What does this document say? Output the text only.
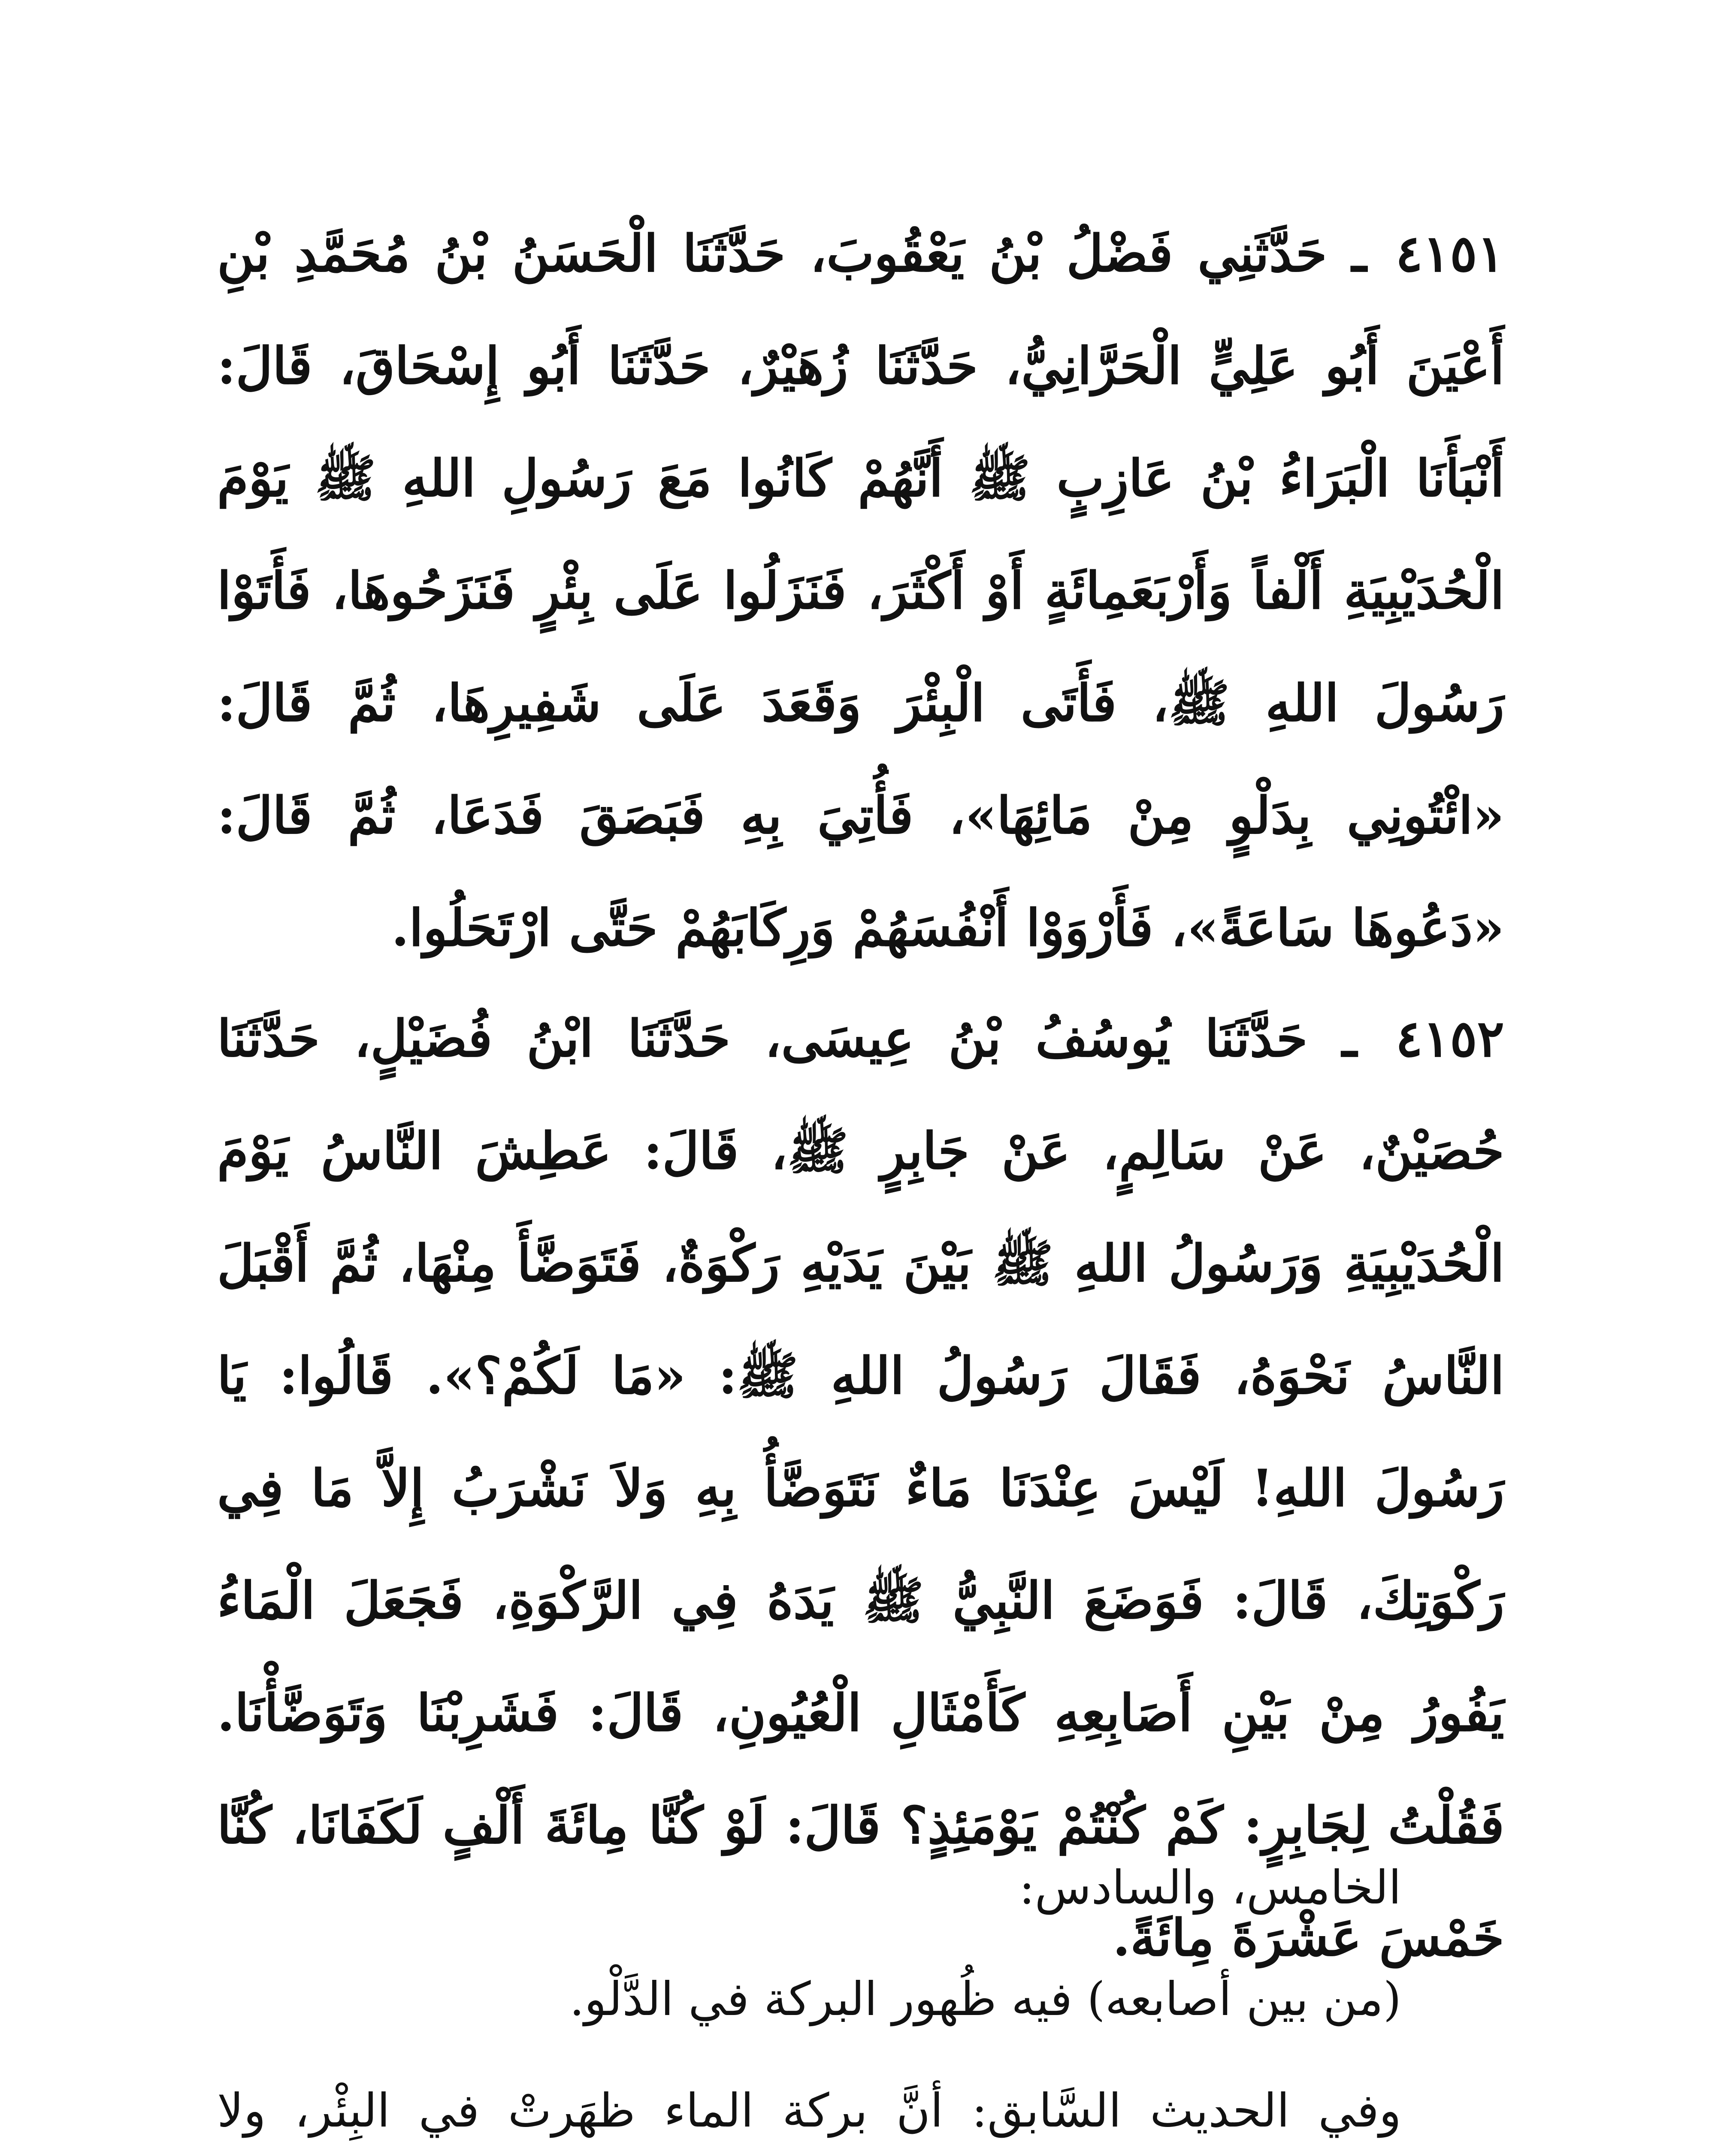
٤١٥١ ـ حَدَّثَنِي فَضْلُ بْنُ يَعْقُوبَ، حَدَّثَنَا الْحَسَنُ بْنُ مُحَمَّدِ بْنِ أَعْيَنَ أَبُو عَلِيٍّ الْحَرَّانِيُّ، حَدَّثَنَا زُهَيْرٌ، حَدَّثَنَا أَبُو إِسْحَاقَ، قَالَ: أَنْبَأَنَا الْبَرَاءُ بْنُ عَازِبٍ ﷺ أَنَّهُمْ كَانُوا مَعَ رَسُولِ اللهِ ﷺ يَوْمَ الْحُدَيْبِيَةِ أَلْفاً وَأَرْبَعَمِائَةٍ أَوْ أَكْثَرَ، فَنَزَلُوا عَلَى بِئْرٍ فَنَزَحُوهَا، فَأَتَوْا رَسُولَ اللهِ ﷺ، فَأَتَى الْبِئْرَ وَقَعَدَ عَلَى شَفِيرِهَا، ثُمَّ قَالَ: «ائْتُونِي بِدَلْوٍ مِنْ مَائِهَا»، فَأُتِيَ بِهِ فَبَصَقَ فَدَعَا، ثُمَّ قَالَ: «دَعُوهَا سَاعَةً»، فَأَرْوَوْا أَنْفُسَهُمْ وَرِكَابَهُمْ حَتَّى ارْتَحَلُوا.
٤١٥٢ ـ حَدَّثَنَا يُوسُفُ بْنُ عِيسَى، حَدَّثَنَا ابْنُ فُضَيْلٍ، حَدَّثَنَا حُصَيْنٌ، عَنْ سَالِمٍ، عَنْ جَابِرٍ ﷺ، قَالَ: عَطِشَ النَّاسُ يَوْمَ الْحُدَيْبِيَةِ وَرَسُولُ اللهِ ﷺ بَيْنَ يَدَيْهِ رَكْوَةٌ، فَتَوَضَّأَ مِنْهَا، ثُمَّ أَقْبَلَ النَّاسُ نَحْوَهُ، فَقَالَ رَسُولُ اللهِ ﷺ: «مَا لَكُمْ؟». قَالُوا: يَا رَسُولَ اللهِ! لَيْسَ عِنْدَنَا مَاءٌ نَتَوَضَّأُ بِهِ وَلاَ نَشْرَبُ إِلاَّ مَا فِي رَكْوَتِكَ، قَالَ: فَوَضَعَ النَّبِيُّ ﷺ يَدَهُ فِي الرَّكْوَةِ، فَجَعَلَ الْمَاءُ يَفُورُ مِنْ بَيْنِ أَصَابِعِهِ كَأَمْثَالِ الْعُيُونِ، قَالَ: فَشَرِبْنَا وَتَوَضَّأْنَا. فَقُلْتُ لِجَابِرٍ: كَمْ كُنْتُمْ يَوْمَئِذٍ؟ قَالَ: لَوْ كُنَّا مِائَةَ أَلْفٍ لَكَفَانَا، كُنَّا خَمْسَ عَشْرَةَ مِائَةً.
الخامس، والسادس:
(من بين أصابعه) فيه ظُهور البركة في الدَّلْو.
وفي الحديث السَّابق: أنَّ بركة الماء ظهَرتْ في البِئْر، ولا
